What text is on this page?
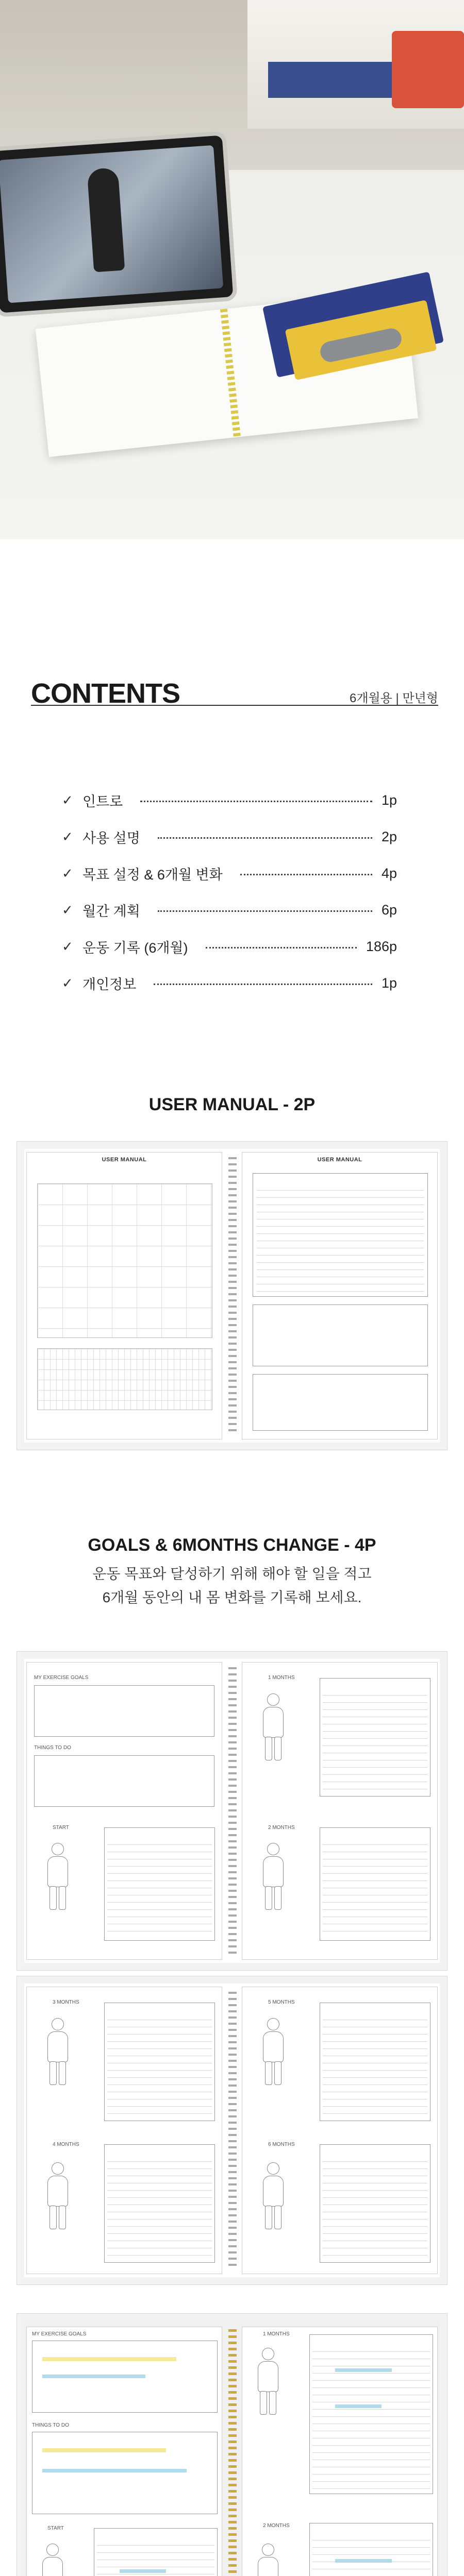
CONTENTS	6개월용 | 만년형
✓ 인트로	1p
✓ 사용 설명	2p
✓ 목표 설정 & 6개월 변화	4p
✓ 월간 계획	6p
✓ 운동 기록 (6개월)	186p
✓ 개인정보	1p
USER MANUAL - 2P
USER MANUAL	USER MANUAL
GOALS & 6MONTHS CHANGE - 4P
운동 목표와 달성하기 위해 해야 할 일을 적고
6개월 동안의 내 몸 변화를 기록해 보세요.
MY EXERCISE GOALS
THINGS TO DO
START
1 MONTHS
2 MONTHS
3 MONTHS
4 MONTHS
5 MONTHS
6 MONTHS
MY EXERCISE GOALS
THINGS TO DO
START
1 MONTHS
2 MONTHS
